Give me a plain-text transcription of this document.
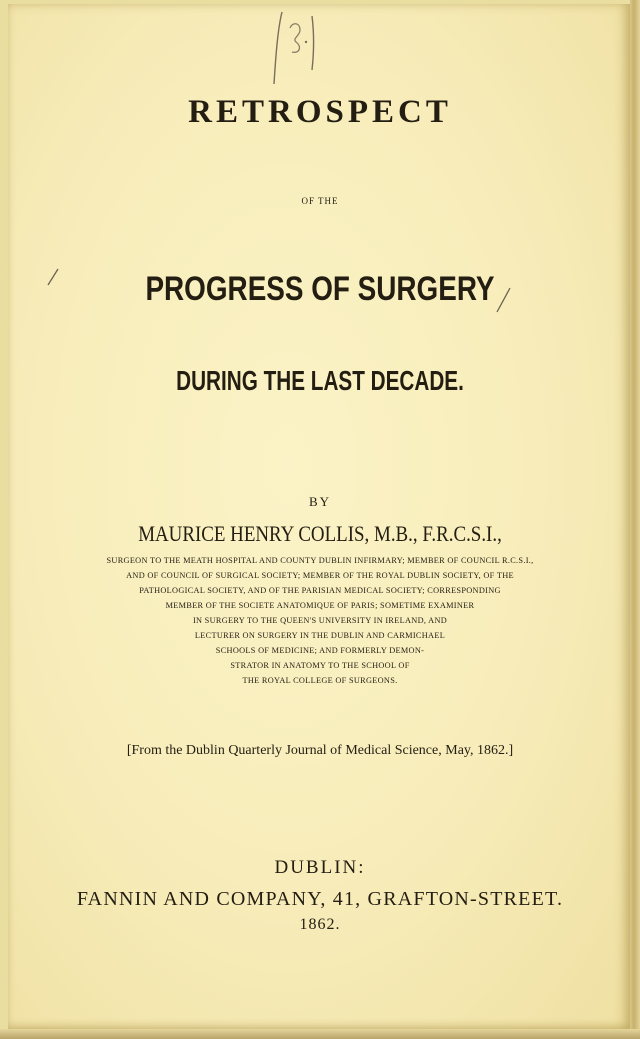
RETROSPECT
OF THE
PROGRESS OF SURGERY
DURING THE LAST DECADE.
BY
MAURICE HENRY COLLIS, M.B., F.R.C.S.I.,
SURGEON TO THE MEATH HOSPITAL AND COUNTY DUBLIN INFIRMARY; MEMBER OF COUNCIL R.C.S.I.,
AND OF COUNCIL OF SURGICAL SOCIETY; MEMBER OF THE ROYAL DUBLIN SOCIETY, OF THE
PATHOLOGICAL SOCIETY, AND OF THE PARISIAN MEDICAL SOCIETY; CORRESPONDING
MEMBER OF THE SOCIETE ANATOMIQUE OF PARIS; SOMETIME EXAMINER
IN SURGERY TO THE QUEEN'S UNIVERSITY IN IRELAND, AND
LECTURER ON SURGERY IN THE DUBLIN AND CARMICHAEL
SCHOOLS OF MEDICINE; AND FORMERLY DEMON-
STRATOR IN ANATOMY TO THE SCHOOL OF
THE ROYAL COLLEGE OF SURGEONS.
[From the Dublin Quarterly Journal of Medical Science, May, 1862.]
DUBLIN:
FANNIN AND COMPANY, 41, GRAFTON-STREET.
1862.
